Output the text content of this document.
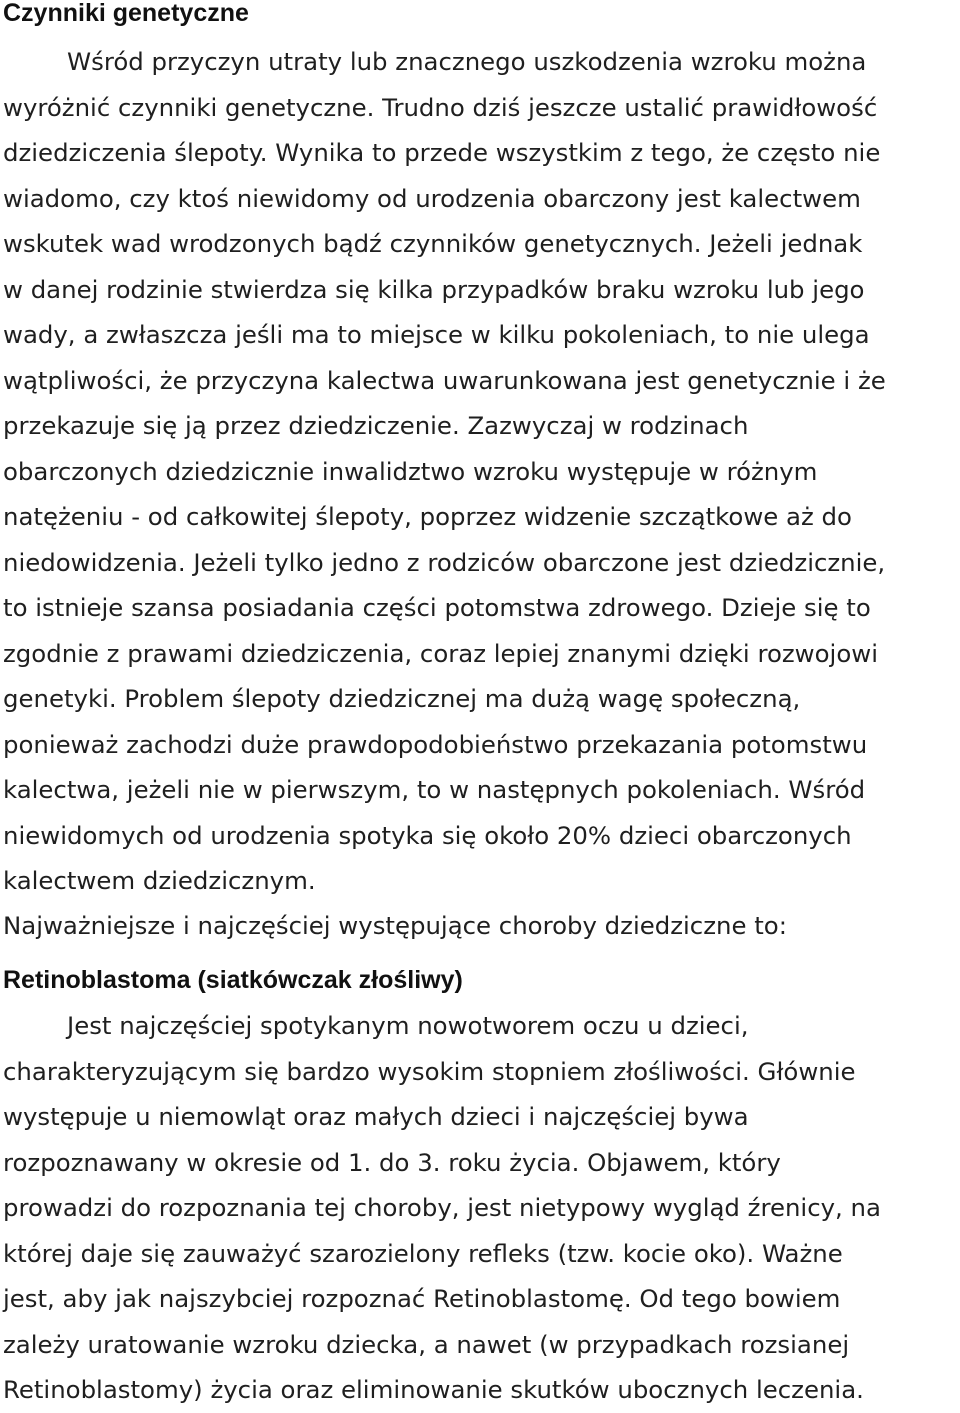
Czynniki genetyczne

Wśród przyczyn utraty lub znacznego uszkodzenia wzroku można
wyróżnić czynniki genetyczne. Trudno dziś jeszcze ustalić prawidłowość
dziedziczenia ślepoty. Wynika to przede wszystkim z tego, że często nie
wiadomo, czy ktoś niewidomy od urodzenia obarczony jest kalectwem
wskutek wad wrodzonych bądź czynników genetycznych. Jeżeli jednak
w danej rodzinie stwierdza się kilka przypadków braku wzroku lub jego
wady, a zwłaszcza jeśli ma to miejsce w kilku pokoleniach, to nie ulega
wątpliwości, że przyczyna kalectwa uwarunkowana jest genetycznie i że
przekazuje się ją przez dziedziczenie. Zazwyczaj w rodzinach
obarczonych dziedzicznie inwalidztwo wzroku występuje w różnym
natężeniu - od całkowitej ślepoty, poprzez widzenie szczątkowe aż do
niedowidzenia. Jeżeli tylko jedno z rodziców obarczone jest dziedzicznie,
to istnieje szansa posiadania części potomstwa zdrowego. Dzieje się to
zgodnie z prawami dziedziczenia, coraz lepiej znanymi dzięki rozwojowi
genetyki. Problem ślepoty dziedzicznej ma dużą wagę społeczną,
ponieważ zachodzi duże prawdopodobieństwo przekazania potomstwu
kalectwa, jeżeli nie w pierwszym, to w następnych pokoleniach. Wśród
niewidomych od urodzenia spotyka się około 20% dzieci obarczonych
kalectwem dziedzicznym.

Najważniejsze i najczęściej występujące choroby dziedziczne to:

Retinoblastoma (siatkówczak złośliwy)

Jest najczęściej spotykanym nowotworem oczu u dzieci,
charakteryzującym się bardzo wysokim stopniem złośliwości. Głównie
występuje u niemowląt oraz małych dzieci i najczęściej bywa
rozpoznawany w okresie od 1. do 3. roku życia. Objawem, który
prowadzi do rozpoznania tej choroby, jest nietypowy wygląd źrenicy, na
której daje się zauważyć szarozielony refleks (tzw. kocie oko). Ważne
jest, aby jak najszybciej rozpoznać Retinoblastomę. Od tego bowiem
zależy uratowanie wzroku dziecka, a nawet (w przypadkach rozsianej
Retinoblastomy) życia oraz eliminowanie skutków ubocznych leczenia.
